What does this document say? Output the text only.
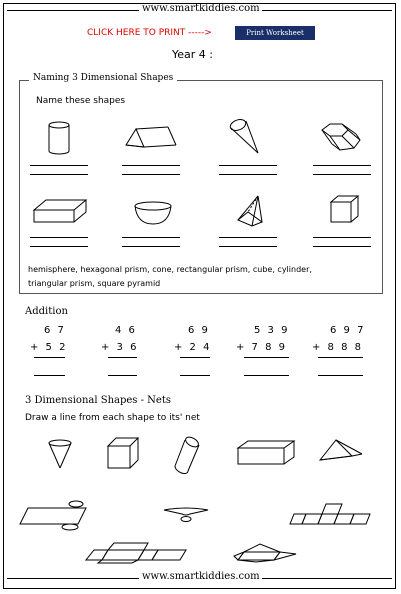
www.smartkiddies.com
CLICK HERE TO PRINT ----->	Print Worksheet
Year 4 :
Naming 3 Dimensional Shapes
Name these shapes
hemisphere, hexagonal prism, cone, rectangular prism, cube, cylinder,
triangular prism, square pyramid
Addition
6 7
+ 5 2
4 6
+ 3 6
6 9
+ 2 4
5 3 9
+ 7 8 9
6 9 7
+ 8 8 8
3 Dimensional Shapes - Nets
Draw a line from each shape to its' net
www.smartkiddies.com
